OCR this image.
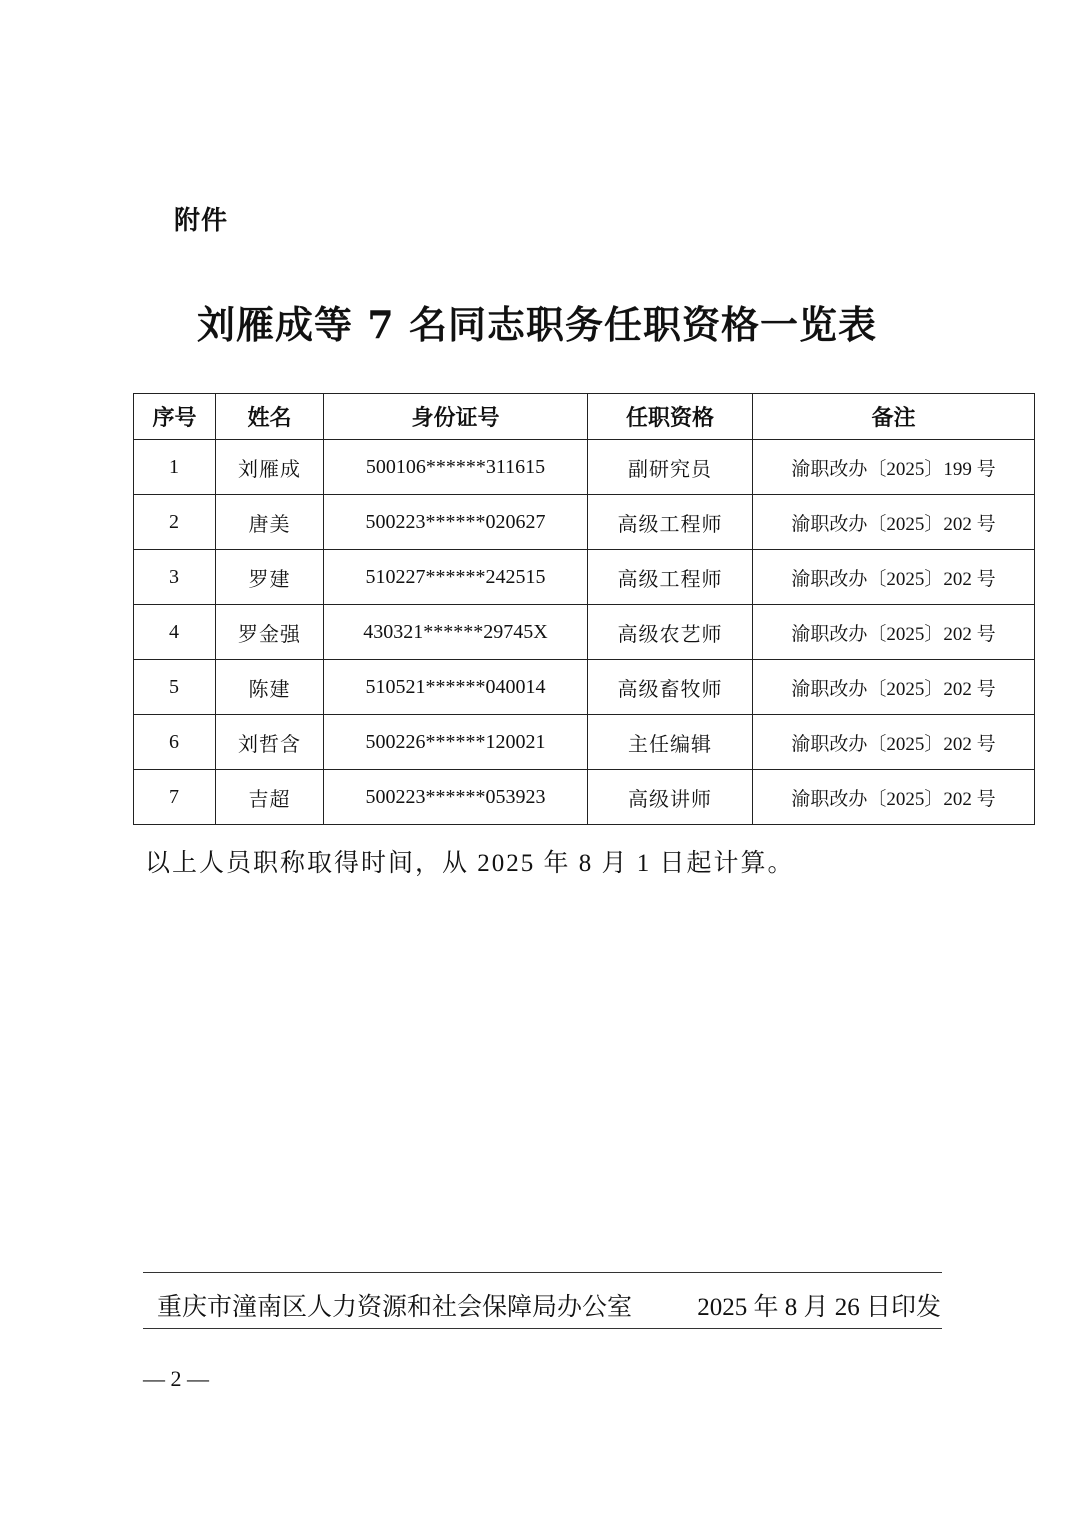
附件
刘雁成等 7 名同志职务任职资格一览表
序号	姓名	身份证号	任职资格	备注
1	刘雁成	500106******311615	副研究员	渝职改办〔2025〕199 号
2	唐美	500223******020627	高级工程师	渝职改办〔2025〕202 号
3	罗建	510227******242515	高级工程师	渝职改办〔2025〕202 号
4	罗金强	430321******29745X	高级农艺师	渝职改办〔2025〕202 号
5	陈建	510521******040014	高级畜牧师	渝职改办〔2025〕202 号
6	刘哲含	500226******120021	主任编辑	渝职改办〔2025〕202 号
7	吉超	500223******053923	高级讲师	渝职改办〔2025〕202 号
以上人员职称取得时间，从 2025 年 8 月 1 日起计算。
重庆市潼南区人力资源和社会保障局办公室	2025 年 8 月 26 日印发
— 2 —
